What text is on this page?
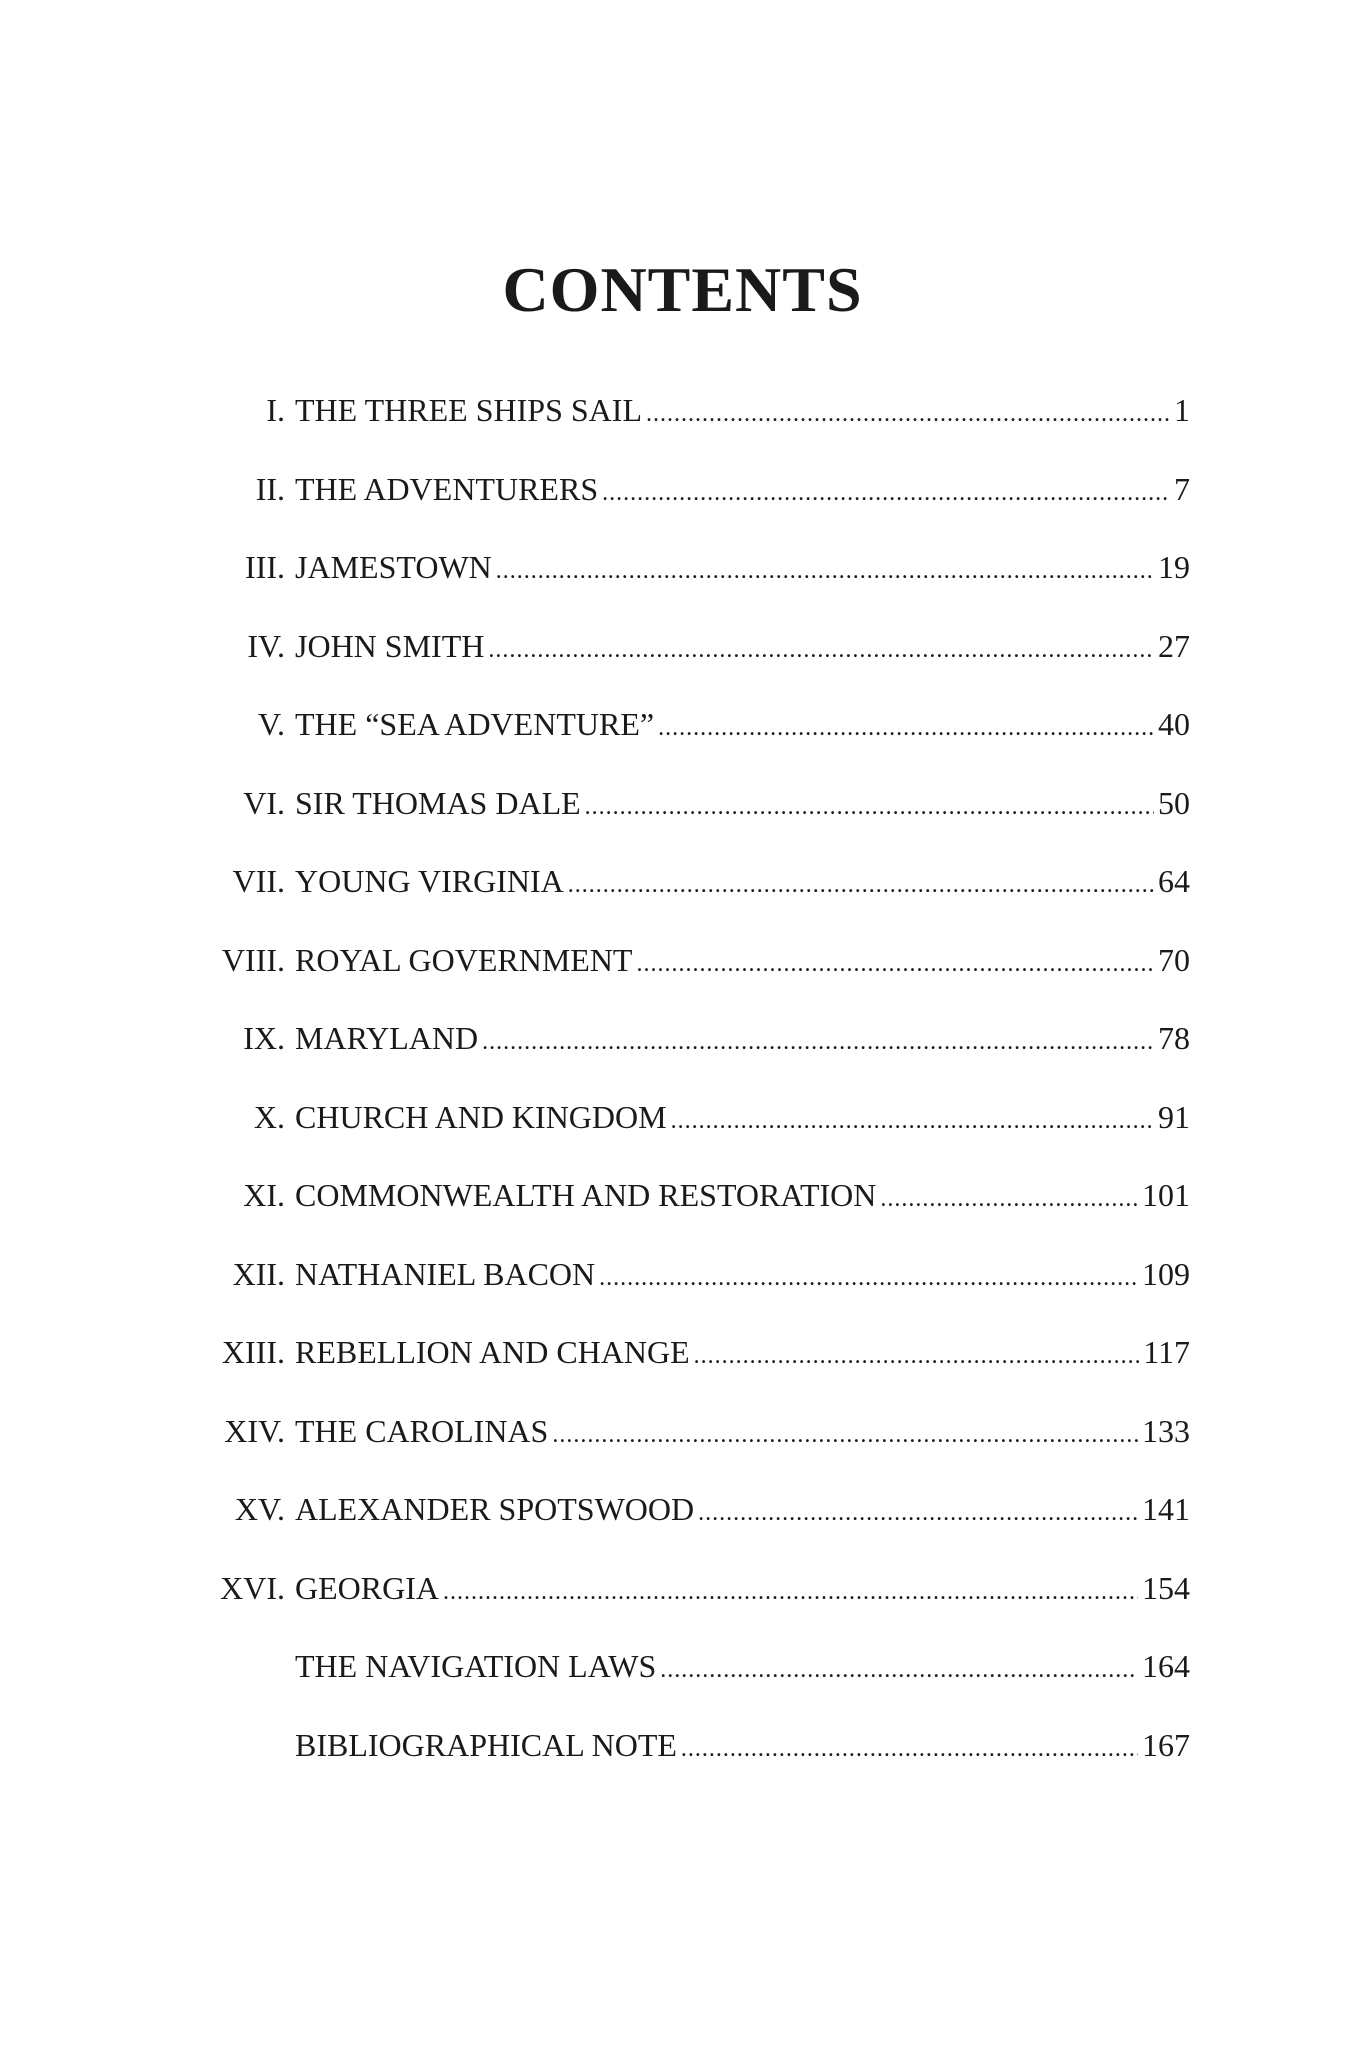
CONTENTS
I. THE THREE SHIPS SAIL .....	1
II. THE ADVENTURERS .....	7
III. JAMESTOWN .....	19
IV. JOHN SMITH .....	27
V. THE “SEA ADVENTURE” .....	40
VI. SIR THOMAS DALE .....	50
VII. YOUNG VIRGINIA .....	64
VIII. ROYAL GOVERNMENT .....	70
IX. MARYLAND .....	78
X. CHURCH AND KINGDOM .....	91
XI. COMMONWEALTH AND RESTORATION .....	101
XII. NATHANIEL BACON .....	109
XIII. REBELLION AND CHANGE .....	117
XIV. THE CAROLINAS .....	133
XV. ALEXANDER SPOTSWOOD .....	141
XVI. GEORGIA .....	154
THE NAVIGATION LAWS .....	164
BIBLIOGRAPHICAL NOTE .....	167
